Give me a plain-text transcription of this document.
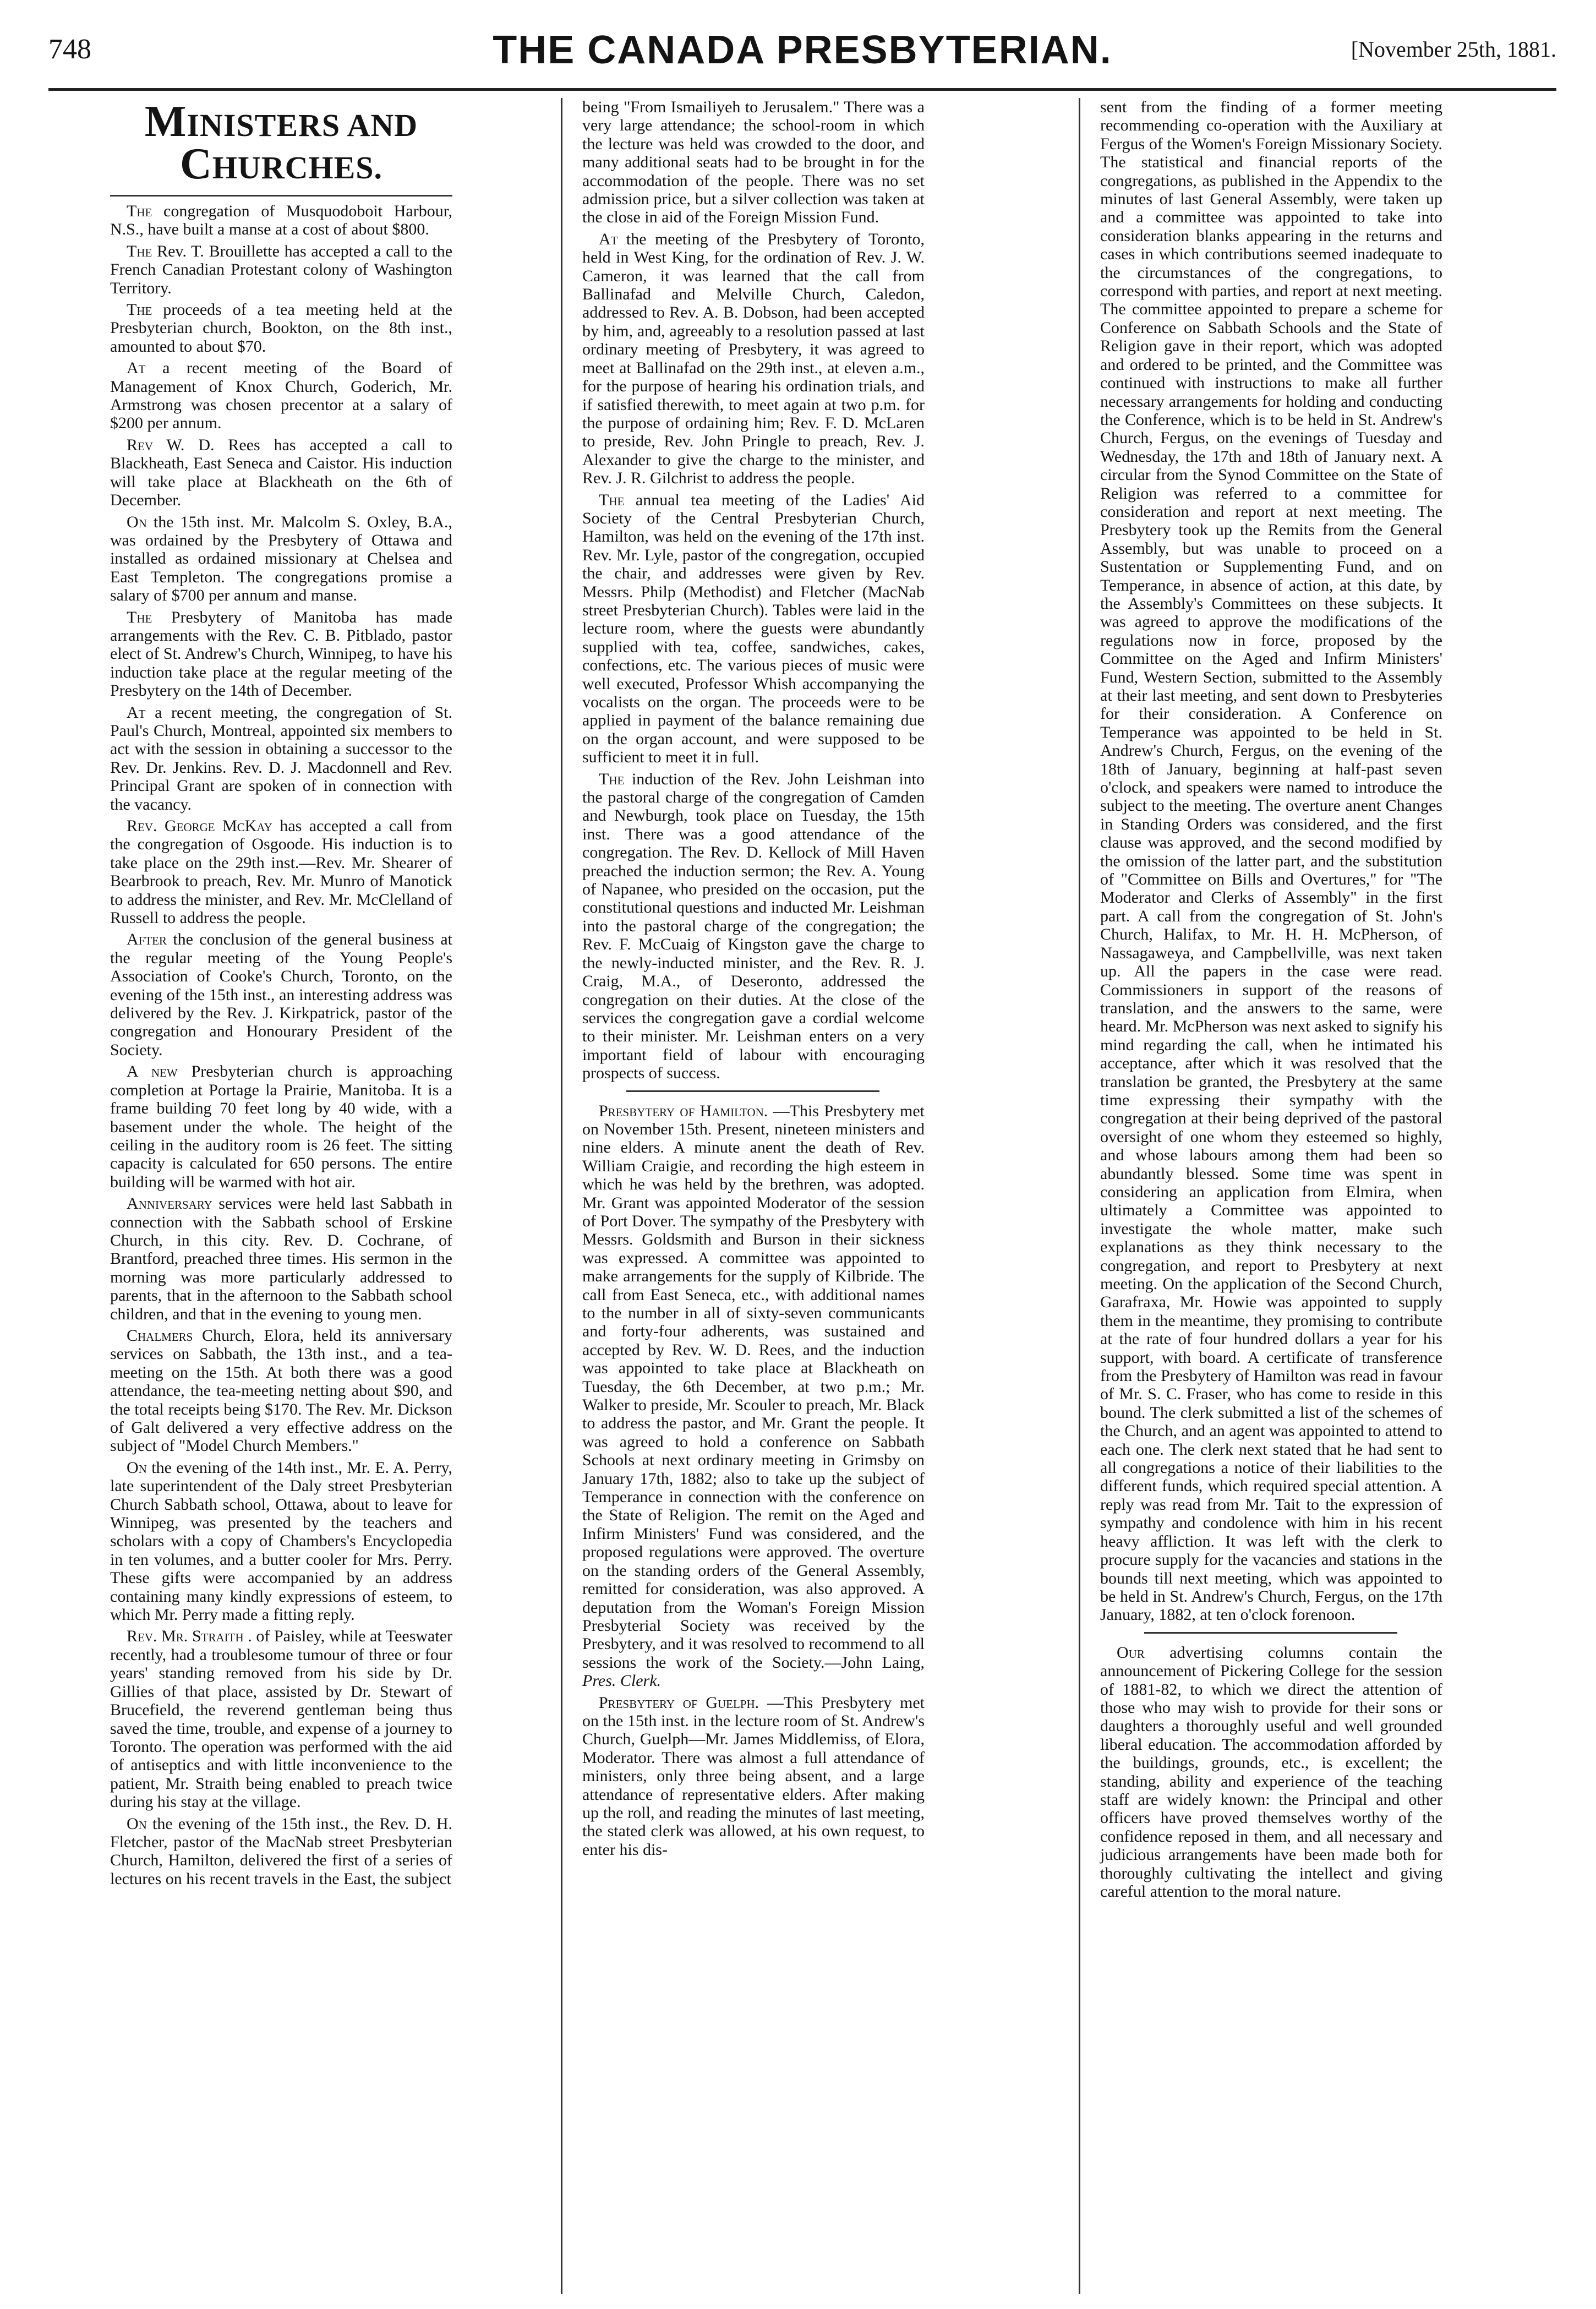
748	THE CANADA PRESBYTERIAN.	[November 25th, 1881.
MINISTERS AND CHURCHES.

The congregation of Musquodoboit Harbour, N.S., have built a manse at a cost of about $800.

The Rev. T. Brouillette has accepted a call to the French Canadian Protestant colony of Washington Territory.

The proceeds of a tea meeting held at the Presbyterian church, Bookton, on the 8th inst., amounted to about $70.

At a recent meeting of the Board of Management of Knox Church, Goderich, Mr. Armstrong was chosen precentor at a salary of $200 per annum.

Rev W. D. Rees has accepted a call to Blackheath, East Seneca and Caistor. His induction will take place at Blackheath on the 6th of December.

On the 15th inst. Mr. Malcolm S. Oxley, B.A., was ordained by the Presbytery of Ottawa and installed as ordained missionary at Chelsea and East Templeton. The congregations promise a salary of $700 per annum and manse.

The Presbytery of Manitoba has made arrangements with the Rev. C. B. Pitblado, pastor elect of St. Andrew's Church, Winnipeg, to have his induction take place at the regular meeting of the Presbytery on the 14th of December.

At a recent meeting, the congregation of St. Paul's Church, Montreal, appointed six members to act with the session in obtaining a successor to the Rev. Dr. Jenkins. Rev. D. J. Macdonnell and Rev. Principal Grant are spoken of in connection with the vacancy.

Rev. George McKay has accepted a call from the congregation of Osgoode. His induction is to take place on the 29th inst.—Rev. Mr. Shearer of Bearbrook to preach, Rev. Mr. Munro of Manotick to address the minister, and Rev. Mr. McClelland of Russell to address the people.

After the conclusion of the general business at the regular meeting of the Young People's Association of Cooke's Church, Toronto, on the evening of the 15th inst., an interesting address was delivered by the Rev. J. Kirkpatrick, pastor of the congregation and Honourary President of the Society.

A new Presbyterian church is approaching completion at Portage la Prairie, Manitoba. It is a frame building 70 feet long by 40 wide, with a basement under the whole. The height of the ceiling in the auditory room is 26 feet. The sitting capacity is calculated for 650 persons. The entire building will be warmed with hot air.

Anniversary services were held last Sabbath in connection with the Sabbath school of Erskine Church, in this city. Rev. D. Cochrane, of Brantford, preached three times. His sermon in the morning was more particularly addressed to parents, that in the afternoon to the Sabbath school children, and that in the evening to young men.

Chalmers Church, Elora, held its anniversary services on Sabbath, the 13th inst., and a tea-meeting on the 15th. At both there was a good attendance, the tea-meeting netting about $90, and the total receipts being $170. The Rev. Mr. Dickson of Galt delivered a very effective address on the subject of "Model Church Members."

On the evening of the 14th inst., Mr. E. A. Perry, late superintendent of the Daly street Presbyterian Church Sabbath school, Ottawa, about to leave for Winnipeg, was presented by the teachers and scholars with a copy of Chambers's Encyclopedia in ten volumes, and a butter cooler for Mrs. Perry. These gifts were accompanied by an address containing many kindly expressions of esteem, to which Mr. Perry made a fitting reply.

Rev. Mr. Straith . of Paisley, while at Teeswater recently, had a troublesome tumour of three or four years' standing removed from his side by Dr. Gillies of that place, assisted by Dr. Stewart of Brucefield, the reverend gentleman being thus saved the time, trouble, and expense of a journey to Toronto. The operation was performed with the aid of antiseptics and with little inconvenience to the patient, Mr. Straith being enabled to preach twice during his stay at the village.

On the evening of the 15th inst., the Rev. D. H. Fletcher, pastor of the MacNab street Presbyterian Church, Hamilton, delivered the first of a series of lectures on his recent travels in the East, the subject

being "From Ismailiyeh to Jerusalem." There was a very large attendance; the school-room in which the lecture was held was crowded to the door, and many additional seats had to be brought in for the accommodation of the people. There was no set admission price, but a silver collection was taken at the close in aid of the Foreign Mission Fund.

At the meeting of the Presbytery of Toronto, held in West King, for the ordination of Rev. J. W. Cameron, it was learned that the call from Ballinafad and Melville Church, Caledon, addressed to Rev. A. B. Dobson, had been accepted by him, and, agreeably to a resolution passed at last ordinary meeting of Presbytery, it was agreed to meet at Ballinafad on the 29th inst., at eleven a.m., for the purpose of hearing his ordination trials, and if satisfied therewith, to meet again at two p.m. for the purpose of ordaining him; Rev. F. D. McLaren to preside, Rev. John Pringle to preach, Rev. J. Alexander to give the charge to the minister, and Rev. J. R. Gilchrist to address the people.

The annual tea meeting of the Ladies' Aid Society of the Central Presbyterian Church, Hamilton, was held on the evening of the 17th inst. Rev. Mr. Lyle, pastor of the congregation, occupied the chair, and addresses were given by Rev. Messrs. Philp (Methodist) and Fletcher (MacNab street Presbyterian Church). Tables were laid in the lecture room, where the guests were abundantly supplied with tea, coffee, sandwiches, cakes, confections, etc. The various pieces of music were well executed, Professor Whish accompanying the vocalists on the organ. The proceeds were to be applied in payment of the balance remaining due on the organ account, and were supposed to be sufficient to meet it in full.

The induction of the Rev. John Leishman into the pastoral charge of the congregation of Camden and Newburgh, took place on Tuesday, the 15th inst. There was a good attendance of the congregation. The Rev. D. Kellock of Mill Haven preached the induction sermon; the Rev. A. Young of Napanee, who presided on the occasion, put the constitutional questions and inducted Mr. Leishman into the pastoral charge of the congregation; the Rev. F. McCuaig of Kingston gave the charge to the newly-inducted minister, and the Rev. R. J. Craig, M.A., of Deseronto, addressed the congregation on their duties. At the close of the services the congregation gave a cordial welcome to their minister. Mr. Leishman enters on a very important field of labour with encouraging prospects of success.

Presbytery of Hamilton. —This Presbytery met on November 15th. Present, nineteen ministers and nine elders. A minute anent the death of Rev. William Craigie, and recording the high esteem in which he was held by the brethren, was adopted. Mr. Grant was appointed Moderator of the session of Port Dover. The sympathy of the Presbytery with Messrs. Goldsmith and Burson in their sickness was expressed. A committee was appointed to make arrangements for the supply of Kilbride. The call from East Seneca, etc., with additional names to the number in all of sixty-seven communicants and forty-four adherents, was sustained and accepted by Rev. W. D. Rees, and the induction was appointed to take place at Blackheath on Tuesday, the 6th December, at two p.m.; Mr. Walker to preside, Mr. Scouler to preach, Mr. Black to address the pastor, and Mr. Grant the people. It was agreed to hold a conference on Sabbath Schools at next ordinary meeting in Grimsby on January 17th, 1882; also to take up the subject of Temperance in connection with the conference on the State of Religion. The remit on the Aged and Infirm Ministers' Fund was considered, and the proposed regulations were approved. The overture on the standing orders of the General Assembly, remitted for consideration, was also approved. A deputation from the Woman's Foreign Mission Presbyterial Society was received by the Presbytery, and it was resolved to recommend to all sessions the work of the Society.—John Laing, Pres. Clerk.

Presbytery of Guelph. —This Presbytery met on the 15th inst. in the lecture room of St. Andrew's Church, Guelph—Mr. James Middlemiss, of Elora, Moderator. There was almost a full attendance of ministers, only three being absent, and a large attendance of representative elders. After making up the roll, and reading the minutes of last meeting, the stated clerk was allowed, at his own request, to enter his dis-

sent from the finding of a former meeting recommending co-operation with the Auxiliary at Fergus of the Women's Foreign Missionary Society. The statistical and financial reports of the congregations, as published in the Appendix to the minutes of last General Assembly, were taken up and a committee was appointed to take into consideration blanks appearing in the returns and cases in which contributions seemed inadequate to the circumstances of the congregations, to correspond with parties, and report at next meeting. The committee appointed to prepare a scheme for Conference on Sabbath Schools and the State of Religion gave in their report, which was adopted and ordered to be printed, and the Committee was continued with instructions to make all further necessary arrangements for holding and conducting the Conference, which is to be held in St. Andrew's Church, Fergus, on the evenings of Tuesday and Wednesday, the 17th and 18th of January next. A circular from the Synod Committee on the State of Religion was referred to a committee for consideration and report at next meeting. The Presbytery took up the Remits from the General Assembly, but was unable to proceed on a Sustentation or Supplementing Fund, and on Temperance, in absence of action, at this date, by the Assembly's Committees on these subjects. It was agreed to approve the modifications of the regulations now in force, proposed by the Committee on the Aged and Infirm Ministers' Fund, Western Section, submitted to the Assembly at their last meeting, and sent down to Presbyteries for their consideration. A Conference on Temperance was appointed to be held in St. Andrew's Church, Fergus, on the evening of the 18th of January, beginning at half-past seven o'clock, and speakers were named to introduce the subject to the meeting. The overture anent Changes in Standing Orders was considered, and the first clause was approved, and the second modified by the omission of the latter part, and the substitution of "Committee on Bills and Overtures," for "The Moderator and Clerks of Assembly" in the first part. A call from the congregation of St. John's Church, Halifax, to Mr. H. H. McPherson, of Nassagaweya, and Campbellville, was next taken up. All the papers in the case were read. Commissioners in support of the reasons of translation, and the answers to the same, were heard. Mr. McPherson was next asked to signify his mind regarding the call, when he intimated his acceptance, after which it was resolved that the translation be granted, the Presbytery at the same time expressing their sympathy with the congregation at their being deprived of the pastoral oversight of one whom they esteemed so highly, and whose labours among them had been so abundantly blessed. Some time was spent in considering an application from Elmira, when ultimately a Committee was appointed to investigate the whole matter, make such explanations as they think necessary to the congregation, and report to Presbytery at next meeting. On the application of the Second Church, Garafraxa, Mr. Howie was appointed to supply them in the meantime, they promising to contribute at the rate of four hundred dollars a year for his support, with board. A certificate of transference from the Presbytery of Hamilton was read in favour of Mr. S. C. Fraser, who has come to reside in this bound. The clerk submitted a list of the schemes of the Church, and an agent was appointed to attend to each one. The clerk next stated that he had sent to all congregations a notice of their liabilities to the different funds, which required special attention. A reply was read from Mr. Tait to the expression of sympathy and condolence with him in his recent heavy affliction. It was left with the clerk to procure supply for the vacancies and stations in the bounds till next meeting, which was appointed to be held in St. Andrew's Church, Fergus, on the 17th January, 1882, at ten o'clock forenoon.

Our advertising columns contain the announcement of Pickering College for the session of 1881-82, to which we direct the attention of those who may wish to provide for their sons or daughters a thoroughly useful and well grounded liberal education. The accommodation afforded by the buildings, grounds, etc., is excellent; the standing, ability and experience of the teaching staff are widely known: the Principal and other officers have proved themselves worthy of the confidence reposed in them, and all necessary and judicious arrangements have been made both for thoroughly cultivating the intellect and giving careful attention to the moral nature.
